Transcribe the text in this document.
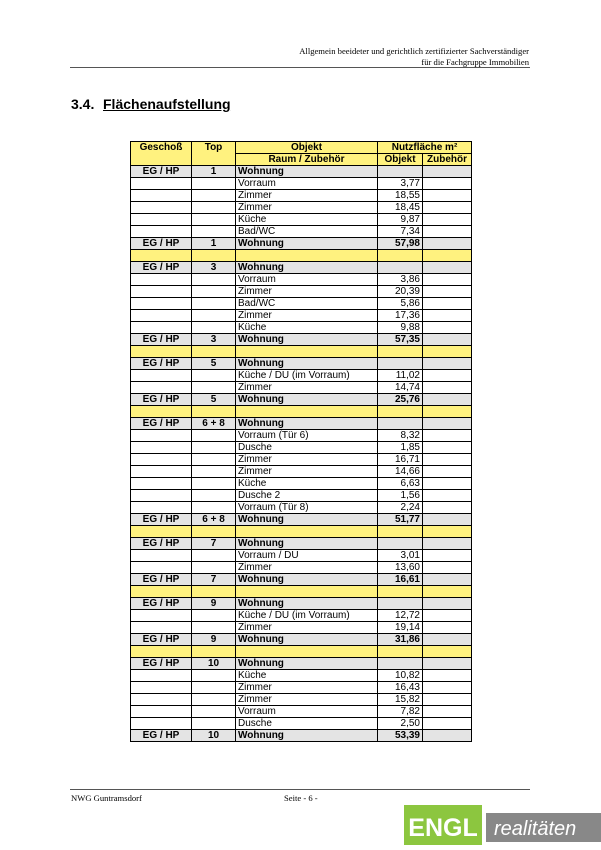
Allgemein beeideter und gerichtlich zertifizierter Sachverständiger
für die Fachgruppe Immobilien
3.4. Flächenaufstellung
Geschoß	Top	Objekt	Nutzfläche m²	
		Raum / Zubehör	Objekt	Zubehör
EG / HP	1	Wohnung		
		Vorraum	3,77	
		Zimmer	18,55	
		Zimmer	18,45	
		Küche	9,87	
		Bad/WC	7,34	
EG / HP	1	Wohnung	57,98	

EG / HP	3	Wohnung		
		Vorraum	3,86	
		Zimmer	20,39	
		Bad/WC	5,86	
		Zimmer	17,36	
		Küche	9,88	
EG / HP	3	Wohnung	57,35	

EG / HP	5	Wohnung		
		Küche / DU (im Vorraum)	11,02	
		Zimmer	14,74	
EG / HP	5	Wohnung	25,76	

EG / HP	6 + 8	Wohnung		
		Vorraum (Tür 6)	8,32	
		Dusche	1,85	
		Zimmer	16,71	
		Zimmer	14,66	
		Küche	6,63	
		Dusche 2	1,56	
		Vorraum (Tür 8)	2,24	
EG / HP	6 + 8	Wohnung	51,77	

EG / HP	7	Wohnung		
		Vorraum / DU	3,01	
		Zimmer	13,60	
EG / HP	7	Wohnung	16,61	

EG / HP	9	Wohnung		
		Küche / DU (im Vorraum)	12,72	
		Zimmer	19,14	
EG / HP	9	Wohnung	31,86	

EG / HP	10	Wohnung		
		Küche	10,82	
		Zimmer	16,43	
		Zimmer	15,82	
		Vorraum	7,82	
		Dusche	2,50	
EG / HP	10	Wohnung	53,39	
NWG Guntramsdorf	Seite - 6 -
ENGL realitäten
